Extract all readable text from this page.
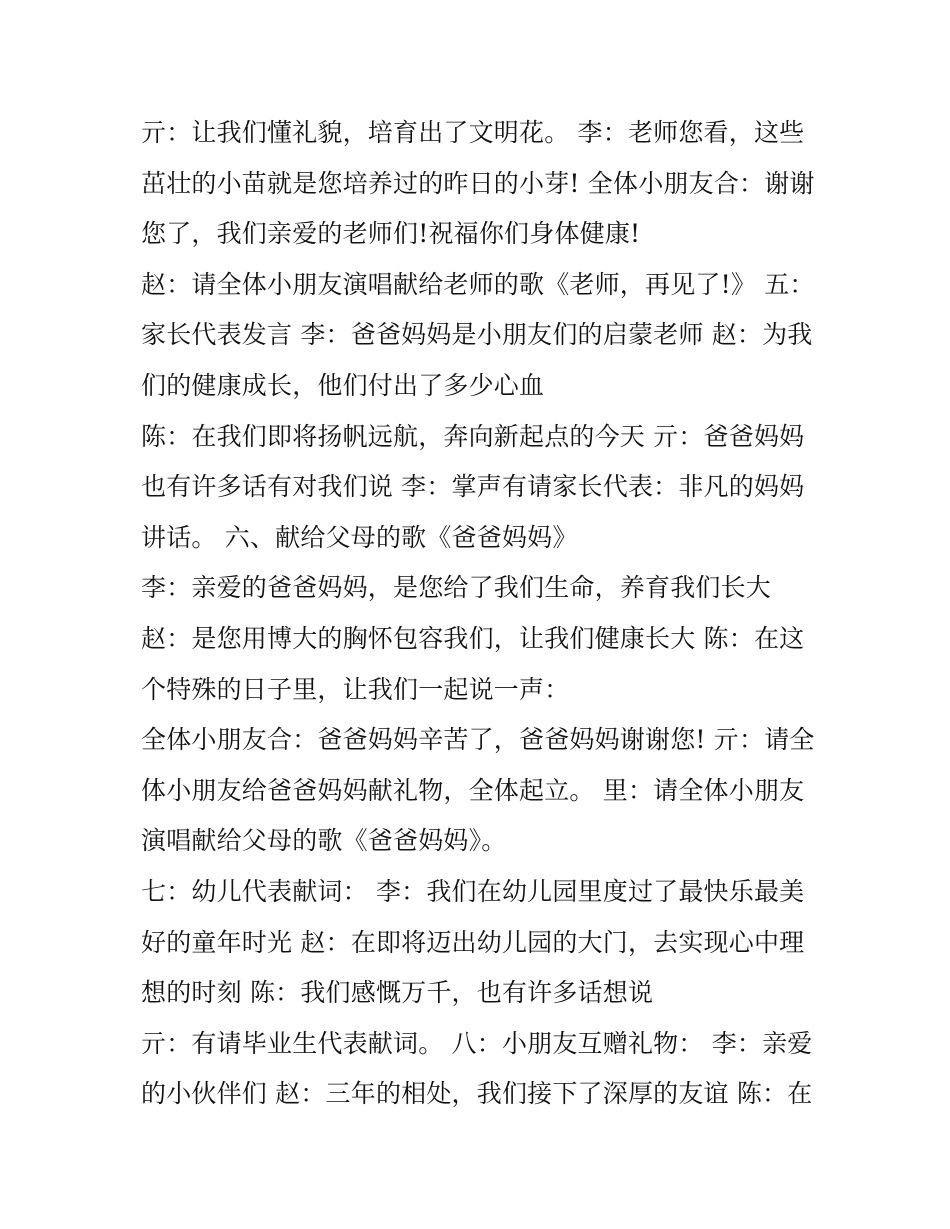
亓：让我们懂礼貌，培育出了文明花。 李：老师您看，这些
茁壮的小苗就是您培养过的昨日的小芽! 全体小朋友合：谢谢
您了，我们亲爱的老师们!祝福你们身体健康!
赵：请全体小朋友演唱献给老师的歌《老师，再见了!》 五：
家长代表发言 李：爸爸妈妈是小朋友们的启蒙老师 赵：为我
们的健康成长，他们付出了多少心血
陈：在我们即将扬帆远航，奔向新起点的今天 亓：爸爸妈妈
也有许多话有对我们说 李：掌声有请家长代表：非凡的妈妈
讲话。 六、献给父母的歌《爸爸妈妈》
李：亲爱的爸爸妈妈，是您给了我们生命，养育我们长大
赵：是您用博大的胸怀包容我们，让我们健康长大 陈：在这
个特殊的日子里，让我们一起说一声：
全体小朋友合：爸爸妈妈辛苦了，爸爸妈妈谢谢您! 亓：请全
体小朋友给爸爸妈妈献礼物，全体起立。 里：请全体小朋友
演唱献给父母的歌《爸爸妈妈》。
七：幼儿代表献词： 李：我们在幼儿园里度过了最快乐最美
好的童年时光 赵：在即将迈出幼儿园的大门，去实现心中理
想的时刻 陈：我们感慨万千，也有许多话想说
亓：有请毕业生代表献词。 八：小朋友互赠礼物： 李：亲爱
的小伙伴们 赵：三年的相处，我们接下了深厚的友谊 陈：在
